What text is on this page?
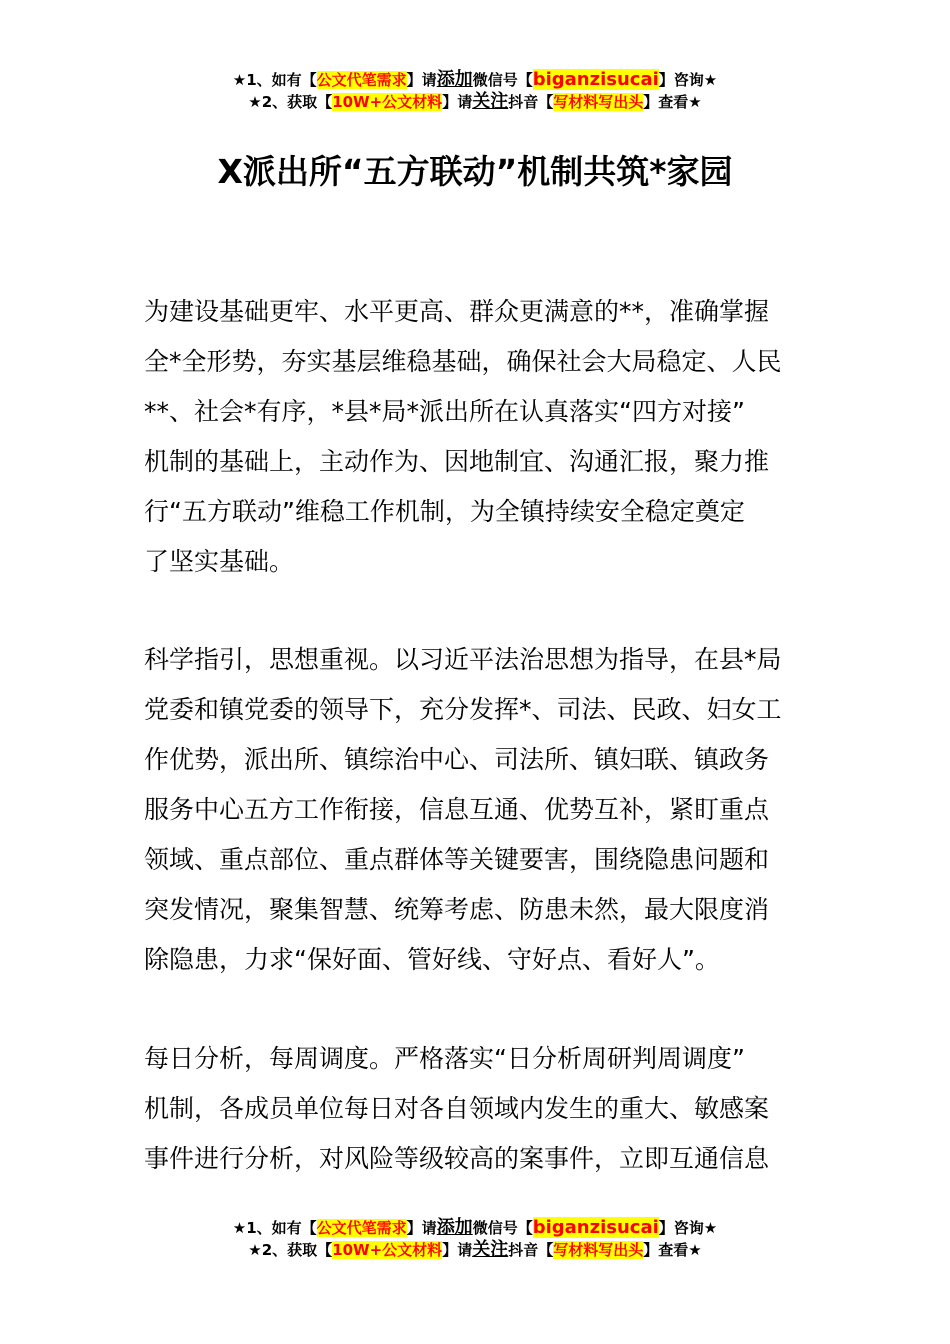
★1、如有【公文代笔需求】请添加微信号【biganzisucai】咨询★
★2、获取【10W+公文材料】请关注抖音【写材料写出头】查看★
X派出所“五方联动”机制共筑*家园
为建设基础更牢、水平更高、群众更满意的**，准确掌握
全*全形势，夯实基层维稳基础，确保社会大局稳定、人民
**、社会*有序，*县*局*派出所在认真落实“四方对接”
机制的基础上，主动作为、因地制宜、沟通汇报，聚力推
行“五方联动”维稳工作机制，为全镇持续安全稳定奠定
了坚实基础。
科学指引，思想重视。以习近平法治思想为指导，在县*局
党委和镇党委的领导下，充分发挥*、司法、民政、妇女工
作优势，派出所、镇综治中心、司法所、镇妇联、镇政务
服务中心五方工作衔接，信息互通、优势互补，紧盯重点
领域、重点部位、重点群体等关键要害，围绕隐患问题和
突发情况，聚集智慧、统筹考虑、防患未然，最大限度消
除隐患，力求“保好面、管好线、守好点、看好人”。
每日分析，每周调度。严格落实“日分析周研判周调度”
机制，各成员单位每日对各自领域内发生的重大、敏感案
事件进行分析，对风险等级较高的案事件，立即互通信息
★1、如有【公文代笔需求】请添加微信号【biganzisucai】咨询★
★2、获取【10W+公文材料】请关注抖音【写材料写出头】查看★
